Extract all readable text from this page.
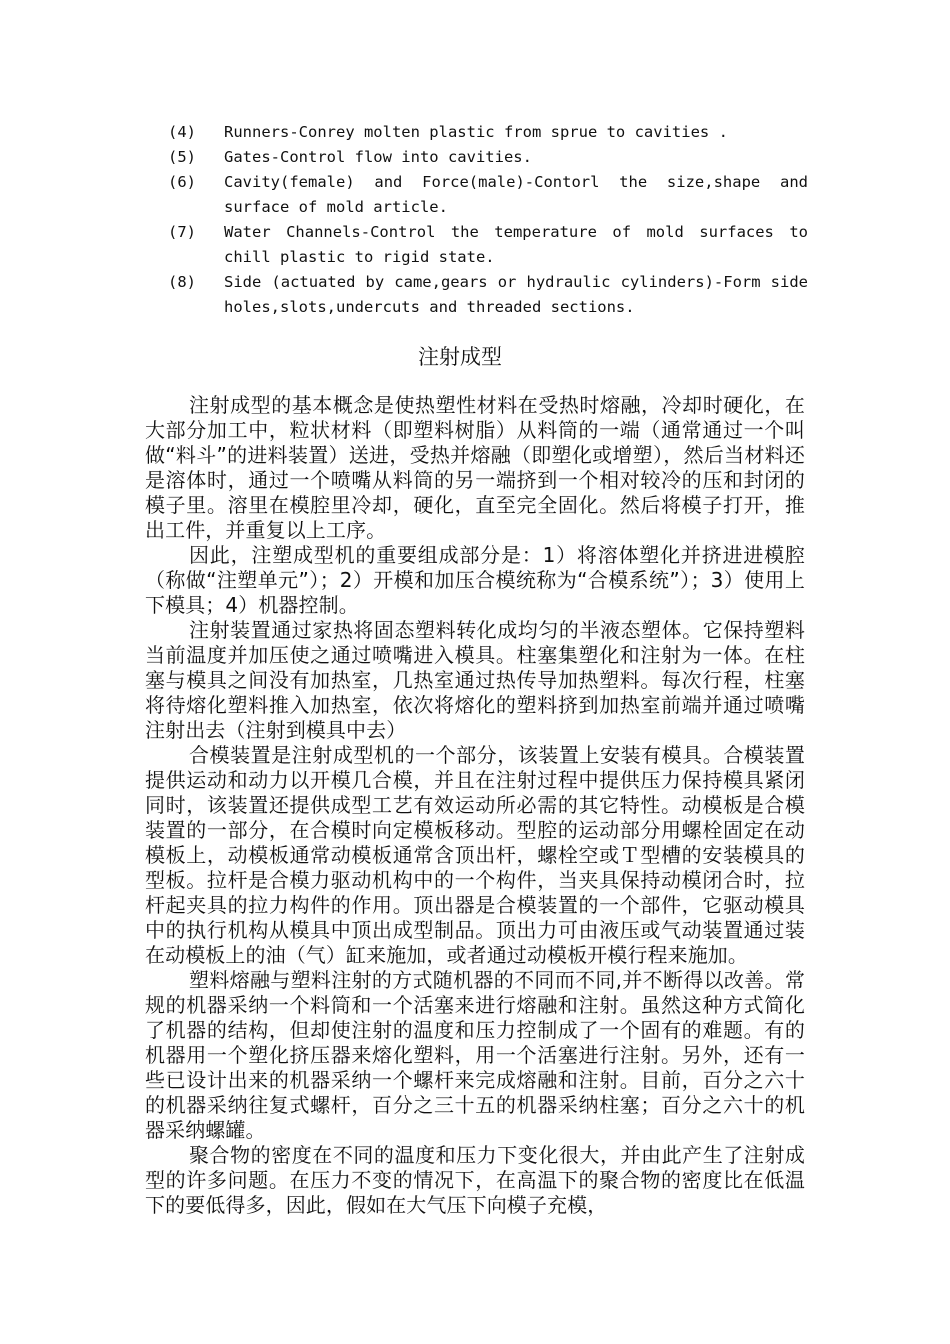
(4)	Runners-Conrey molten plastic from sprue to cavities .
(5)	Gates-Control flow into cavities.
(6)	Cavity(female) and Force(male)-Contorl the size,shape and surface of mold article.
(7)	Water Channels-Control the temperature of mold surfaces to chill plastic to rigid state.
(8)	Side (actuated by came,gears or hydraulic cylinders)-Form side holes,slots,undercuts and threaded sections.
注射成型

注射成型的基本概念是使热塑性材料在受热时熔融，冷却时硬化，在大部分加工中，粒状材料（即塑料树脂）从料筒的一端（通常通过一个叫做“料斗”的进料装置）送进，受热并熔融（即塑化或增塑），然后当材料还是溶体时，通过一个喷嘴从料筒的另一端挤到一个相对较冷的压和封闭的模子里。溶里在模腔里冷却，硬化，直至完全固化。然后将模子打开，推出工件，并重复以上工序。

因此，注塑成型机的重要组成部分是：1）将溶体塑化并挤进进模腔（称做“注塑单元”）；2）开模和加压合模统称为“合模系统”）；3）使用上下模具；4）机器控制。

注射装置通过家热将固态塑料转化成均匀的半液态塑体。它保持塑料当前温度并加压使之通过喷嘴进入模具。柱塞集塑化和注射为一体。在柱塞与模具之间没有加热室，几热室通过热传导加热塑料。每次行程，柱塞将待熔化塑料推入加热室，依次将熔化的塑料挤到加热室前端并通过喷嘴注射出去（注射到模具中去）

合模装置是注射成型机的一个部分，该装置上安装有模具。合模装置提供运动和动力以开模几合模，并且在注射过程中提供压力保持模具紧闭同时，该装置还提供成型工艺有效运动所必需的其它特性。动模板是合模装置的一部分，在合模时向定模板移动。型腔的运动部分用螺栓固定在动模板上，动模板通常动模板通常含顶出杆，螺栓空或Ｔ型槽的安装模具的型板。拉杆是合模力驱动机构中的一个构件，当夹具保持动模闭合时，拉杆起夹具的拉力构件的作用。顶出器是合模装置的一个部件，它驱动模具中的执行机构从模具中顶出成型制品。顶出力可由液压或气动装置通过装在动模板上的油（气）缸来施加，或者通过动模板开模行程来施加。

塑料熔融与塑料注射的方式随机器的不同而不同,并不断得以改善。常规的机器采纳一个料筒和一个活塞来进行熔融和注射。虽然这种方式简化了机器的结构，但却使注射的温度和压力控制成了一个固有的难题。有的机器用一个塑化挤压器来熔化塑料，用一个活塞进行注射。另外，还有一些已设计出来的机器采纳一个螺杆来完成熔融和注射。目前，百分之六十的机器采纳往复式螺杆，百分之三十五的机器采纳柱塞；百分之六十的机器采纳螺罐。

聚合物的密度在不同的温度和压力下变化很大，并由此产生了注射成型的许多问题。在压力不变的情况下，在高温下的聚合物的密度比在低温下的要低得多，因此，假如在大气压下向模子充模，
